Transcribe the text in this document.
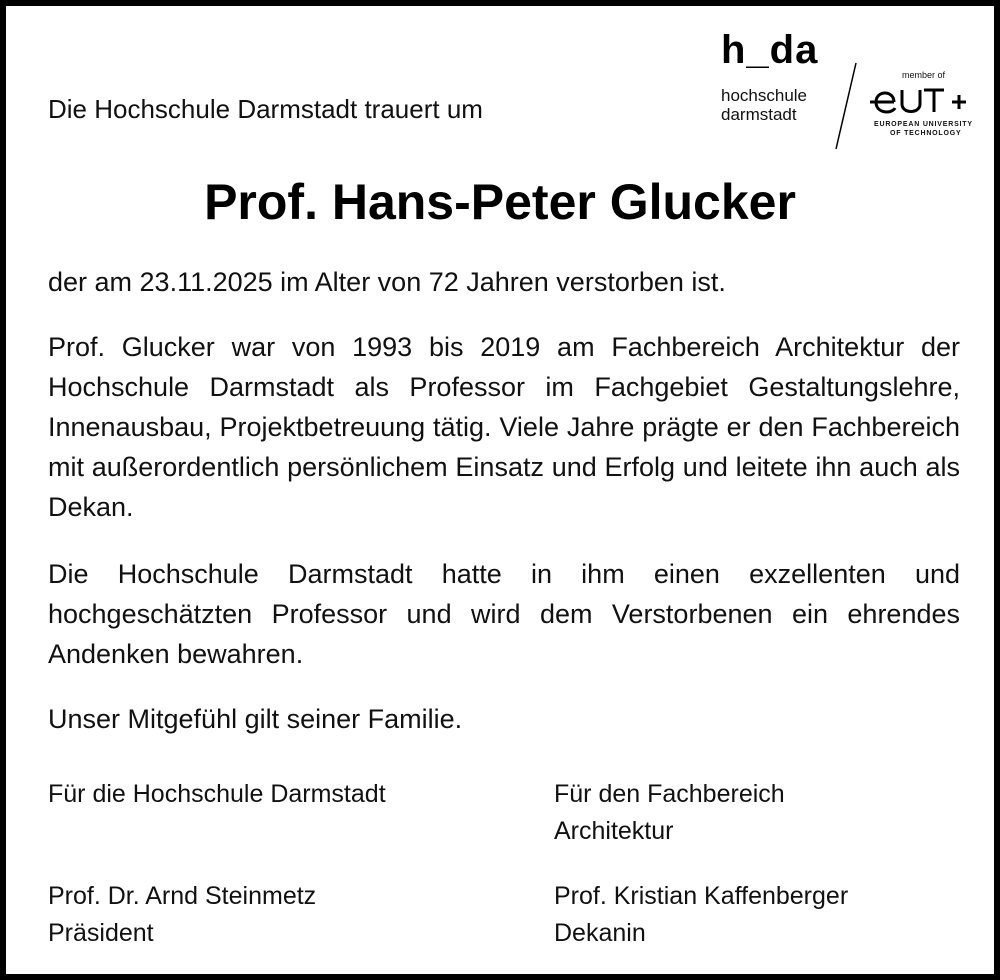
h_da
hochschule
darmstadt
member of
EUROPEAN UNIVERSITY
OF TECHNOLOGY
Die Hochschule Darmstadt trauert um
Prof. Hans-Peter Glucker

der am 23.11.2025 im Alter von 72 Jahren verstorben ist.

Prof. Glucker war von 1993 bis 2019 am Fachbereich Architektur der Hochschule Darmstadt als Professor im Fachgebiet Gestaltungslehre, Innenausbau, Projektbetreuung tätig. Viele Jahre prägte er den Fachbereich mit außerordentlich persönlichem Einsatz und Erfolg und leitete ihn auch als Dekan.

Die Hochschule Darmstadt hatte in ihm einen exzellenten und hochgeschätzten Professor und wird dem Verstorbenen ein ehrendes Andenken bewahren.

Unser Mitgefühl gilt seiner Familie.

Für die Hochschule Darmstadt	Für den Fachbereich Architektur
Prof. Dr. Arnd Steinmetz
Präsident
Prof. Kristian Kaffenberger
Dekanin
